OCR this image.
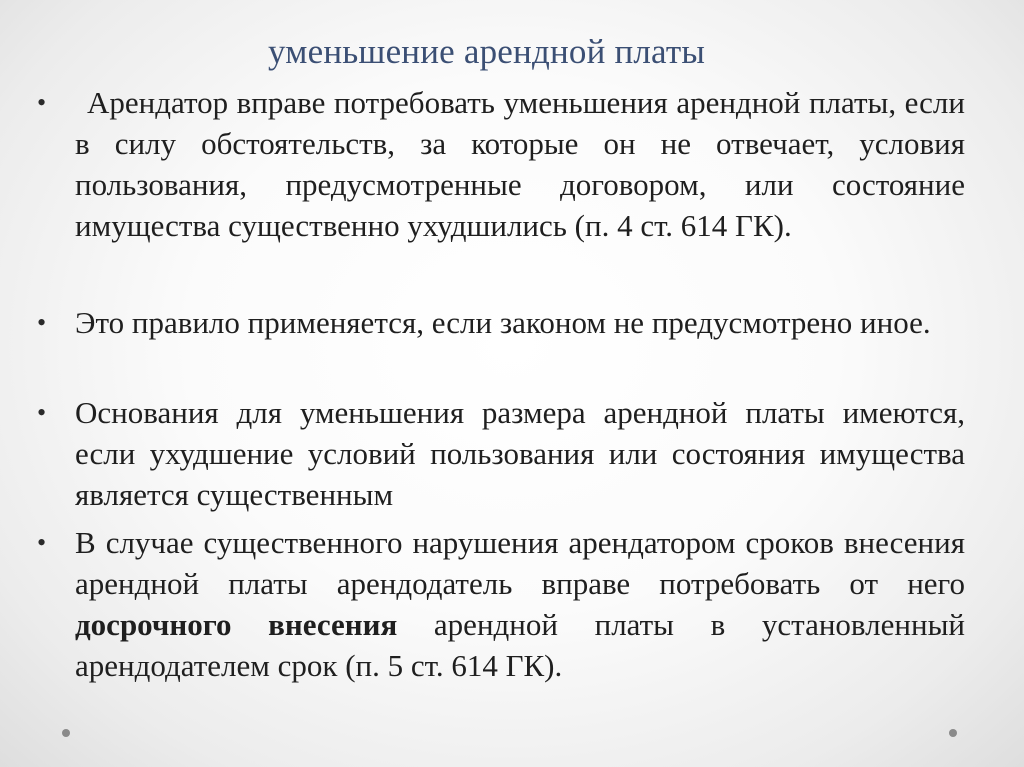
уменьшение арендной платы
• Арендатор вправе потребовать уменьшения арендной платы, если в силу обстоятельств, за которые он не отвечает, условия пользования, предусмотренные договором, или состояние имущества существенно ухудшились (п. 4 ст. 614 ГК).
• Это правило применяется, если законом не предусмотрено иное.
• Основания для уменьшения размера арендной платы имеются, если ухудшение условий пользования или состояния имущества является существенным
• В случае существенного нарушения арендатором сроков внесения арендной платы арендодатель вправе потребовать от него досрочного внесения арендной платы в установленный арендодателем срок (п. 5 ст. 614 ГК).
